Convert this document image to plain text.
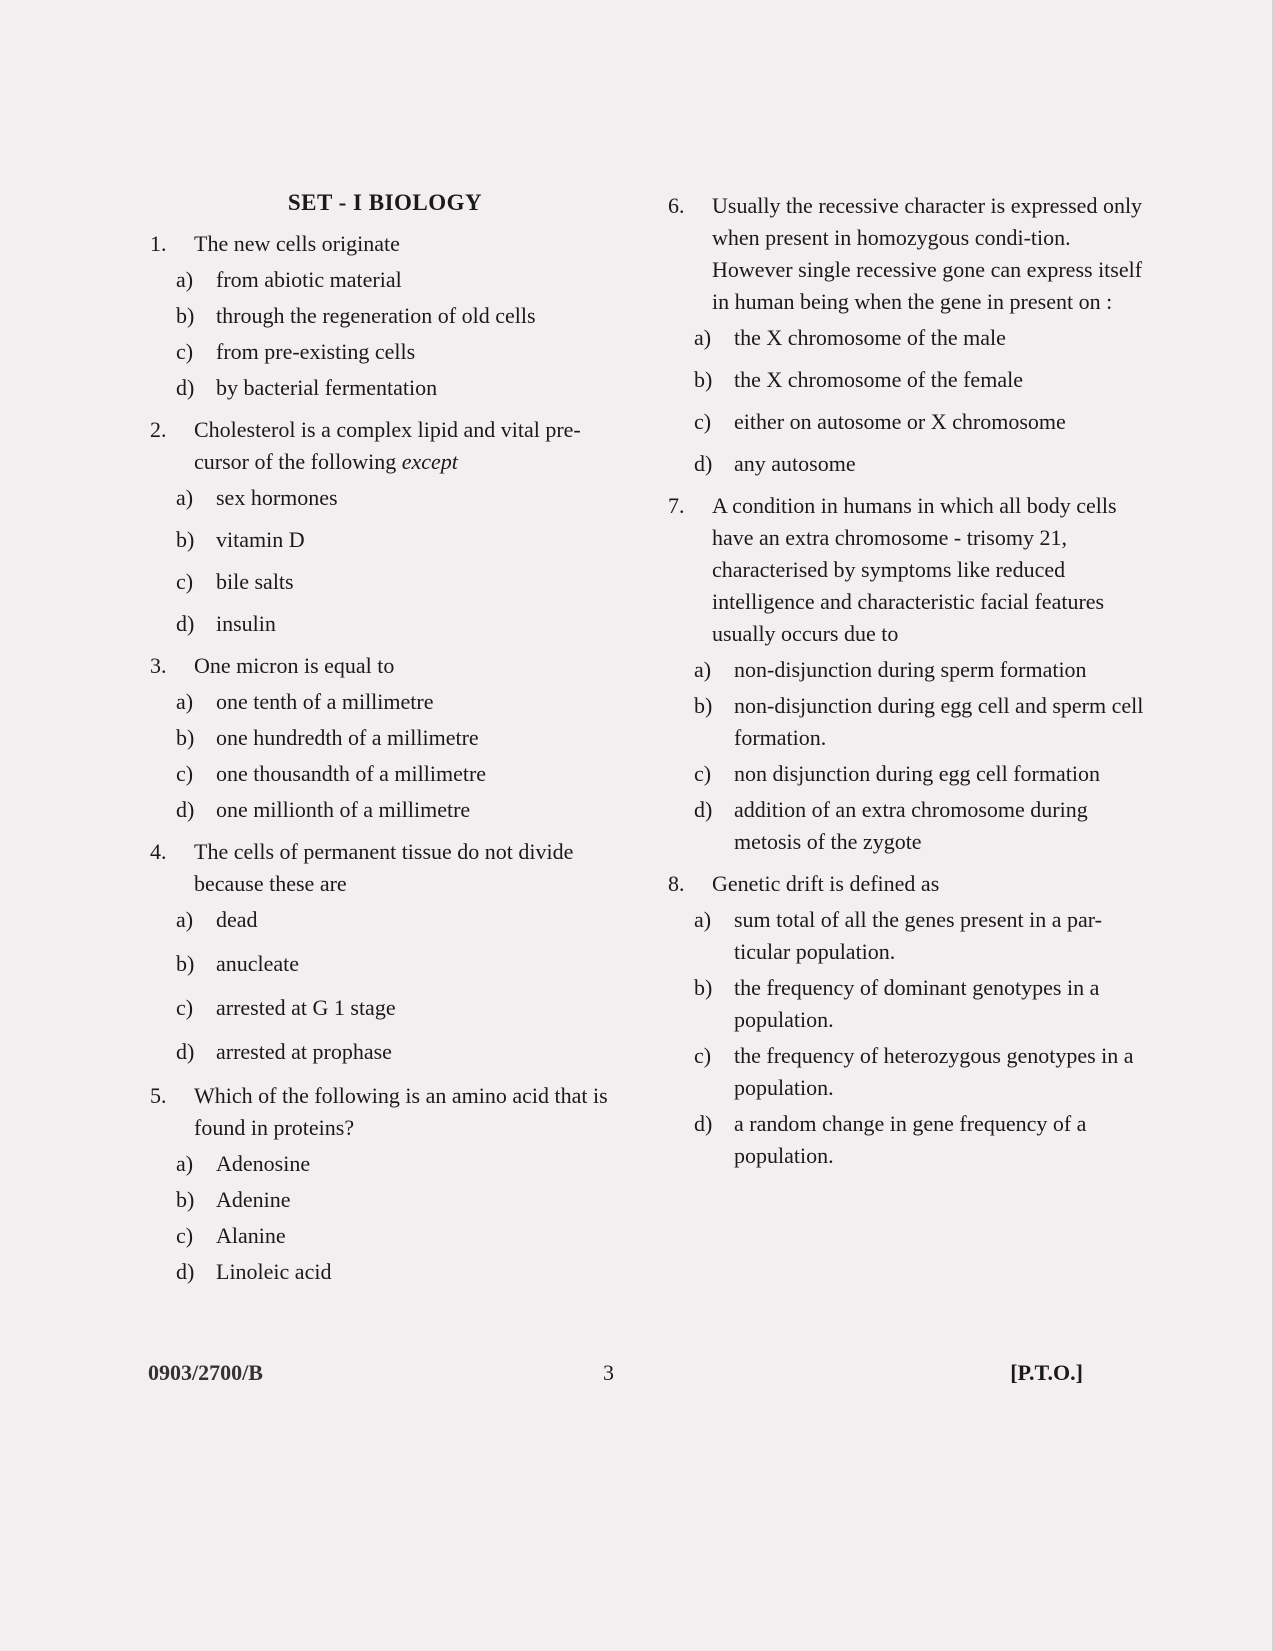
SET - I BIOLOGY
1.	The new cells originate
a)	from abiotic material
b) through the regeneration of old cells
c)	from pre-existing cells
d) by bacterial fermentation
2.	Cholesterol is a complex lipid and vital pre-cursor of the following except
a)	sex hormones
b) vitamin D
c)	bile salts
d) insulin
3.	One micron is equal to
a)	one tenth of a millimetre
b) one hundredth of a millimetre
c)	one thousandth of a millimetre
d) one millionth of a millimetre
4.	The cells of permanent tissue do not divide because these are
a)	dead
b) anucleate
c)	arrested at G 1 stage
d) arrested at prophase
5.	Which of the following is an amino acid that is found in proteins?
a)	Adenosine
b) Adenine
c)	Alanine
d) Linoleic acid
6.	Usually the recessive character is expressed only when present in homozygous condi-tion. However single recessive gone can express itself in human being when the gene in present on :
a)	the X chromosome of the male
b) the X chromosome of the female
c)	either on autosome or X chromosome
d) any autosome
7.	A condition in humans in which all body cells have an extra chromosome - trisomy 21, characterised by symptoms like reduced intelligence and characteristic facial features usually occurs due to
a)	non-disjunction during sperm formation
b) non-disjunction during egg cell and sperm cell formation.
c)	non disjunction during egg cell formation
d) addition of an extra chromosome during metosis of the zygote
8.	Genetic drift is defined as
a)	sum total of all the genes present in a par-ticular population.
b) the frequency of dominant genotypes in a population.
c)	the frequency of heterozygous genotypes in a population.
d) a random change in gene frequency of a population.
0903/2700/B	3	[P.T.O.]
